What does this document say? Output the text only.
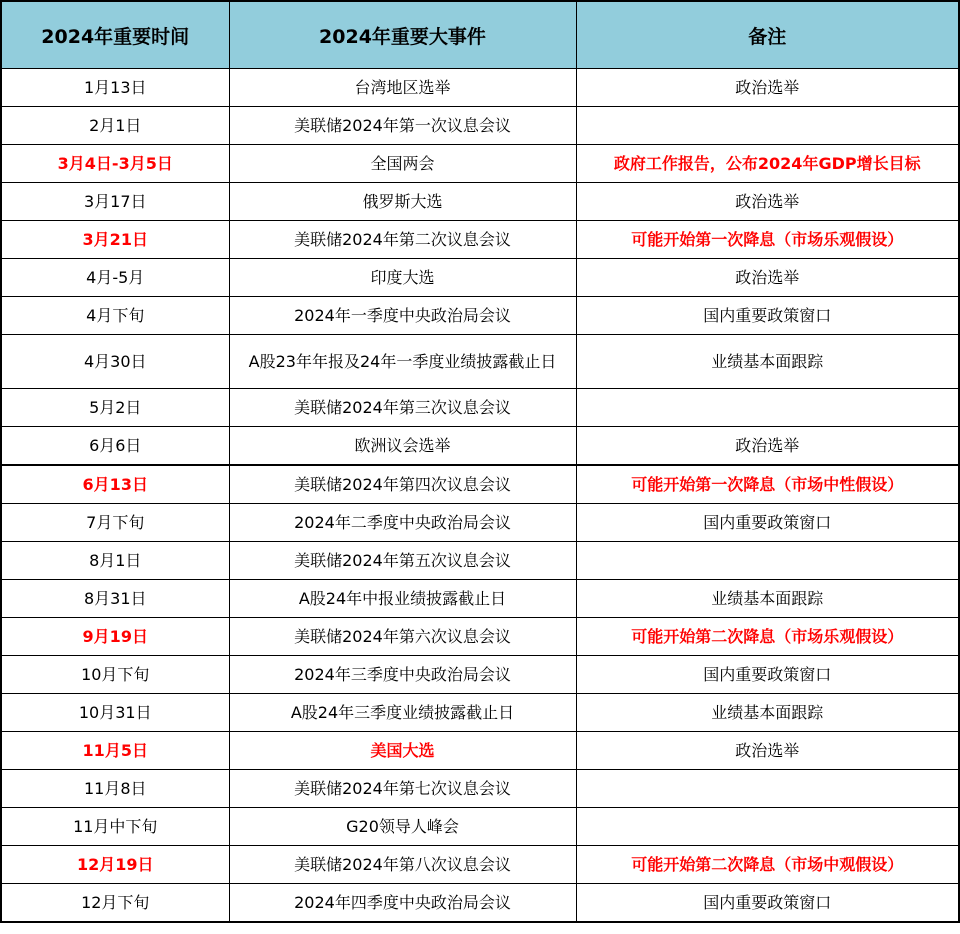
2024年重要时间	2024年重要大事件	备注
1月13日	台湾地区选举	政治选举
2月1日	美联储2024年第一次议息会议	
3月4日-3月5日	全国两会	政府工作报告，公布2024年GDP增长目标
3月17日	俄罗斯大选	政治选举
3月21日	美联储2024年第二次议息会议	可能开始第一次降息（市场乐观假设）
4月-5月	印度大选	政治选举
4月下旬	2024年一季度中央政治局会议	国内重要政策窗口
4月30日	A股23年年报及24年一季度业绩披露截止日	业绩基本面跟踪
5月2日	美联储2024年第三次议息会议	
6月6日	欧洲议会选举	政治选举
6月13日	美联储2024年第四次议息会议	可能开始第一次降息（市场中性假设）
7月下旬	2024年二季度中央政治局会议	国内重要政策窗口
8月1日	美联储2024年第五次议息会议	
8月31日	A股24年中报业绩披露截止日	业绩基本面跟踪
9月19日	美联储2024年第六次议息会议	可能开始第二次降息（市场乐观假设）
10月下旬	2024年三季度中央政治局会议	国内重要政策窗口
10月31日	A股24年三季度业绩披露截止日	业绩基本面跟踪
11月5日	美国大选	政治选举
11月8日	美联储2024年第七次议息会议	
11月中下旬	G20领导人峰会	
12月19日	美联储2024年第八次议息会议	可能开始第二次降息（市场中观假设）
12月下旬	2024年四季度中央政治局会议	国内重要政策窗口
